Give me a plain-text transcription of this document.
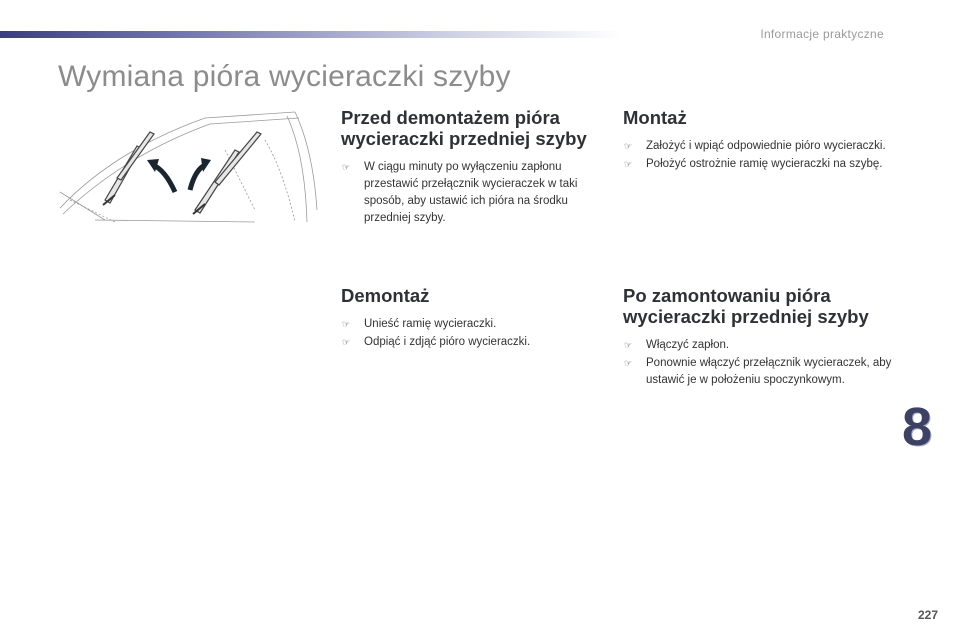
Informacje praktyczne
Wymiana pióra wycieraczki szyby
Przed demontażem pióra
wycieraczki przedniej szyby
☞ W ciągu minuty po wyłączeniu zapłonu przestawić przełącznik wycieraczek w taki sposób, aby ustawić ich pióra na środku przedniej szyby.
Montaż
☞ Założyć i wpiąć odpowiednie pióro wycieraczki.
☞ Położyć ostrożnie ramię wycieraczki na szybę.
Demontaż
☞ Unieść ramię wycieraczki.
☞ Odpiąć i zdjąć pióro wycieraczki.
Po zamontowaniu pióra
wycieraczki przedniej szyby
☞ Włączyć zapłon.
☞ Ponownie włączyć przełącznik wycieraczek, aby ustawić je w położeniu spoczynkowym.
8
227
